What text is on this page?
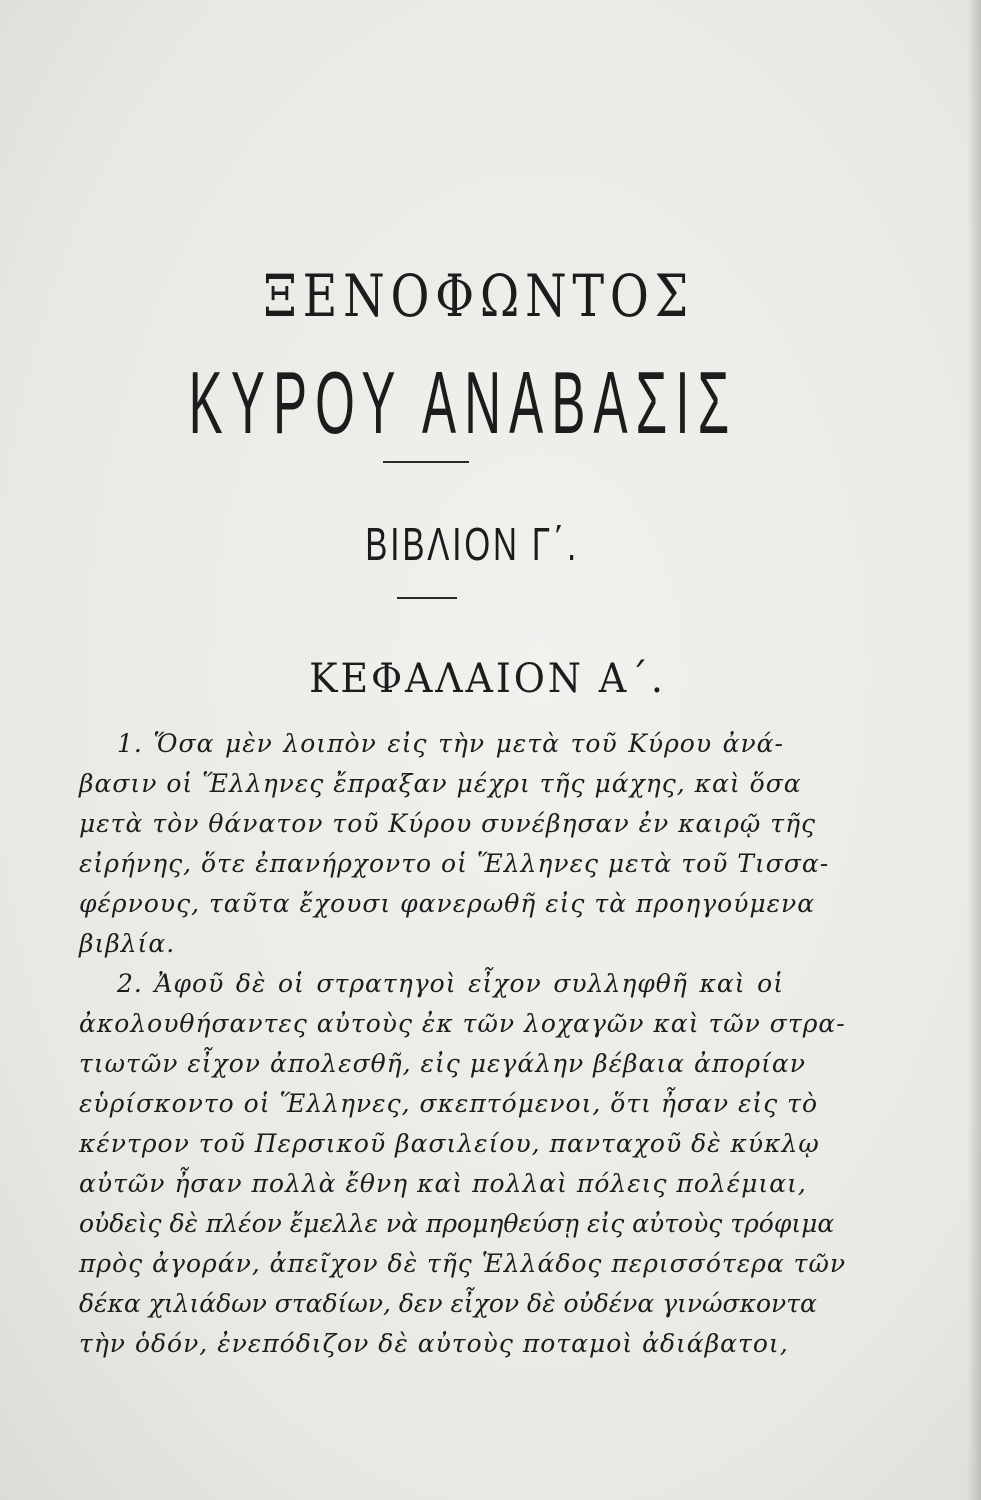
ΞΕΝΟΦΩΝΤΟΣ
ΚΥΡΟΥ ΑΝΑΒΑΣΙΣ
ΒΙΒΛΙΟΝ Γ΄.
ΚΕΦΑΛΑΙΟΝ Α΄.
1. Ὅσα μὲν λοιπὸν εἰς τὴν μετὰ τοῦ Κύρου ἀνά-
βασιν οἱ Ἕλληνες ἔπραξαν μέχρι τῆς μάχης, καὶ ὅσα
μετὰ τὸν θάνατον τοῦ Κύρου συνέβησαν ἐν καιρῷ τῆς
εἰρήνης, ὅτε ἐπανήρχοντο οἱ Ἕλληνες μετὰ τοῦ Τισσα-
φέρνους, ταῦτα ἔχουσι φανερωθῆ εἰς τὰ προηγούμενα
βιβλία.
2. Ἀφοῦ δὲ οἱ στρατηγοὶ εἶχον συλληφθῆ καὶ οἱ
ἀκολουθήσαντες αὐτοὺς ἐκ τῶν λοχαγῶν καὶ τῶν στρα-
τιωτῶν εἶχον ἀπολεσθῆ, εἰς μεγάλην βέβαια ἀπορίαν
εὑρίσκοντο οἱ Ἕλληνες, σκεπτόμενοι, ὅτι ἦσαν εἰς τὸ
κέντρον τοῦ Περσικοῦ βασιλείου, πανταχοῦ δὲ κύκλῳ
αὐτῶν ἦσαν πολλὰ ἔθνη καὶ πολλαὶ πόλεις πολέμιαι,
οὐδεὶς δὲ πλέον ἔμελλε νὰ προμηθεύσῃ εἰς αὐτοὺς τρόφιμα
πρὸς ἀγοράν, ἀπεῖχον δὲ τῆς Ἑλλάδος περισσότερα τῶν
δέκα χιλιάδων σταδίων, δεν εἶχον δὲ οὐδένα γινώσκοντα
τὴν ὁδόν, ἐνεπόδιζον δὲ αὐτοὺς ποταμοὶ ἀδιάβατοι,
